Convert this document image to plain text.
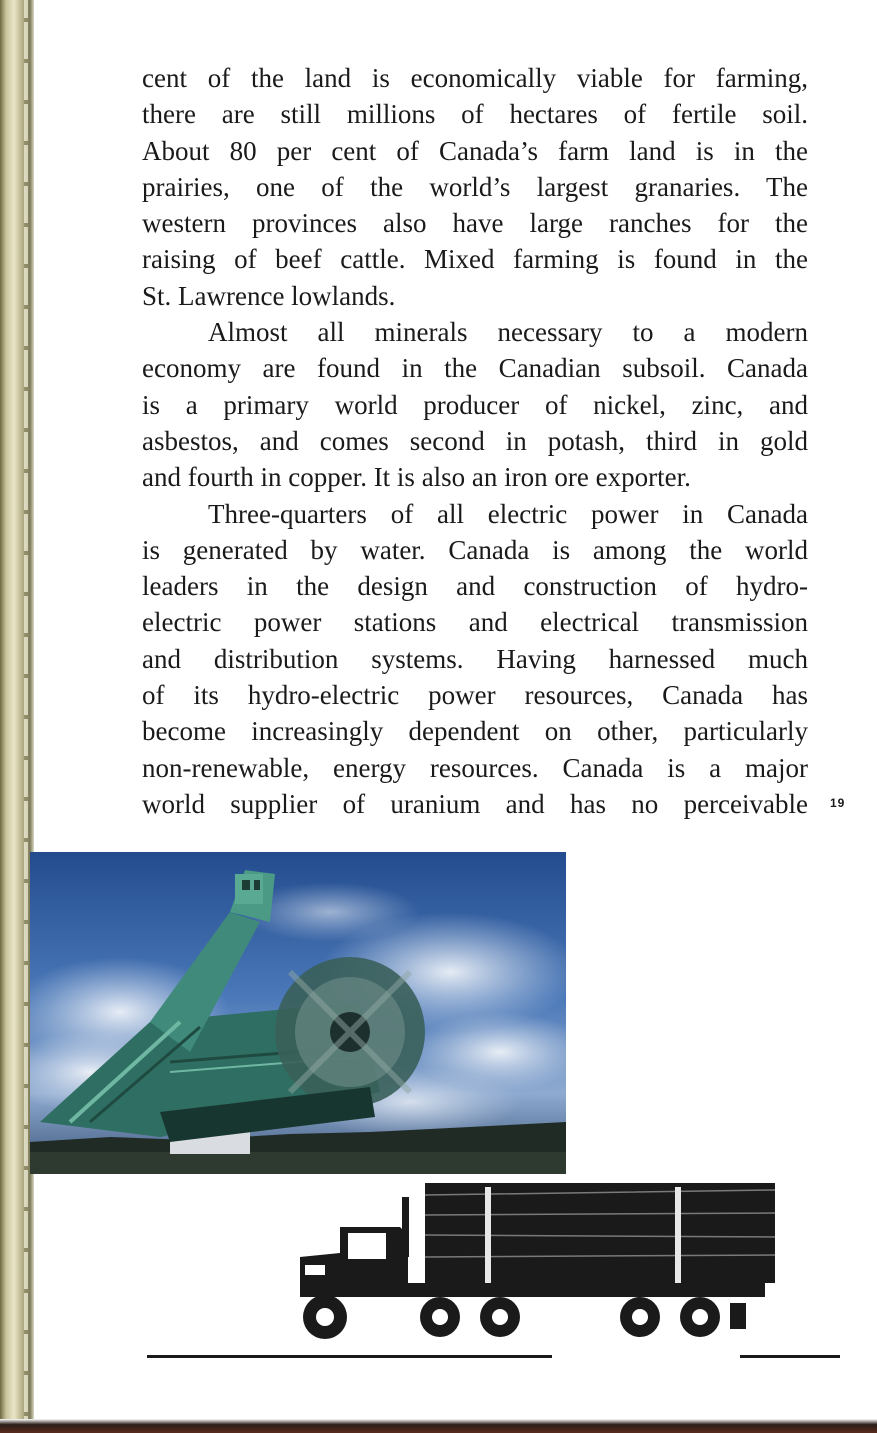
cent of the land is economically viable for farming,
there are still millions of hectares of fertile soil.
About 80 per cent of Canada’s farm land is in the
prairies, one of the world’s largest granaries. The
western provinces also have large ranches for the
raising of beef cattle. Mixed farming is found in the
St. Lawrence lowlands.
Almost all minerals necessary to a modern
economy are found in the Canadian subsoil. Canada
is a primary world producer of nickel, zinc, and
asbestos, and comes second in potash, third in gold
and fourth in copper. It is also an iron ore exporter.
Three-quarters of all electric power in Canada
is generated by water. Canada is among the world
leaders in the design and construction of hydro-
electric power stations and electrical transmission
and distribution systems. Having harnessed much
of its hydro-electric power resources, Canada has
become increasingly dependent on other, particularly
non-renewable, energy resources. Canada is a major
world supplier of uranium and has no perceivable 19
